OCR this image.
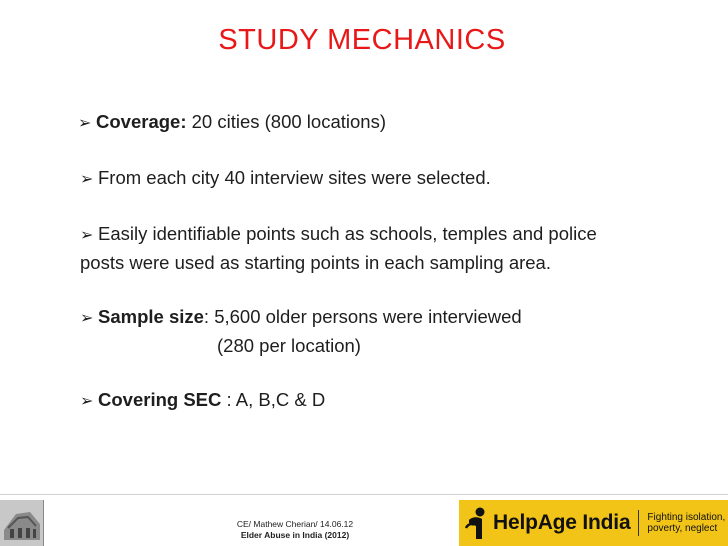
STUDY MECHANICS

➢ Coverage: 20 cities (800 locations)

➢ From each city 40 interview sites were selected.

➢ Easily identifiable points such as schools, temples and police

posts were used as starting points in each sampling area.

➢ Sample size: 5,600 older persons were interviewed

(280 per location)

➢ Covering SEC : A, B,C & D

CE/ Mathew Cherian/ 14.06.12
Elder Abuse in India (2012)
HelpAge India Fighting isolation,
poverty, neglect
